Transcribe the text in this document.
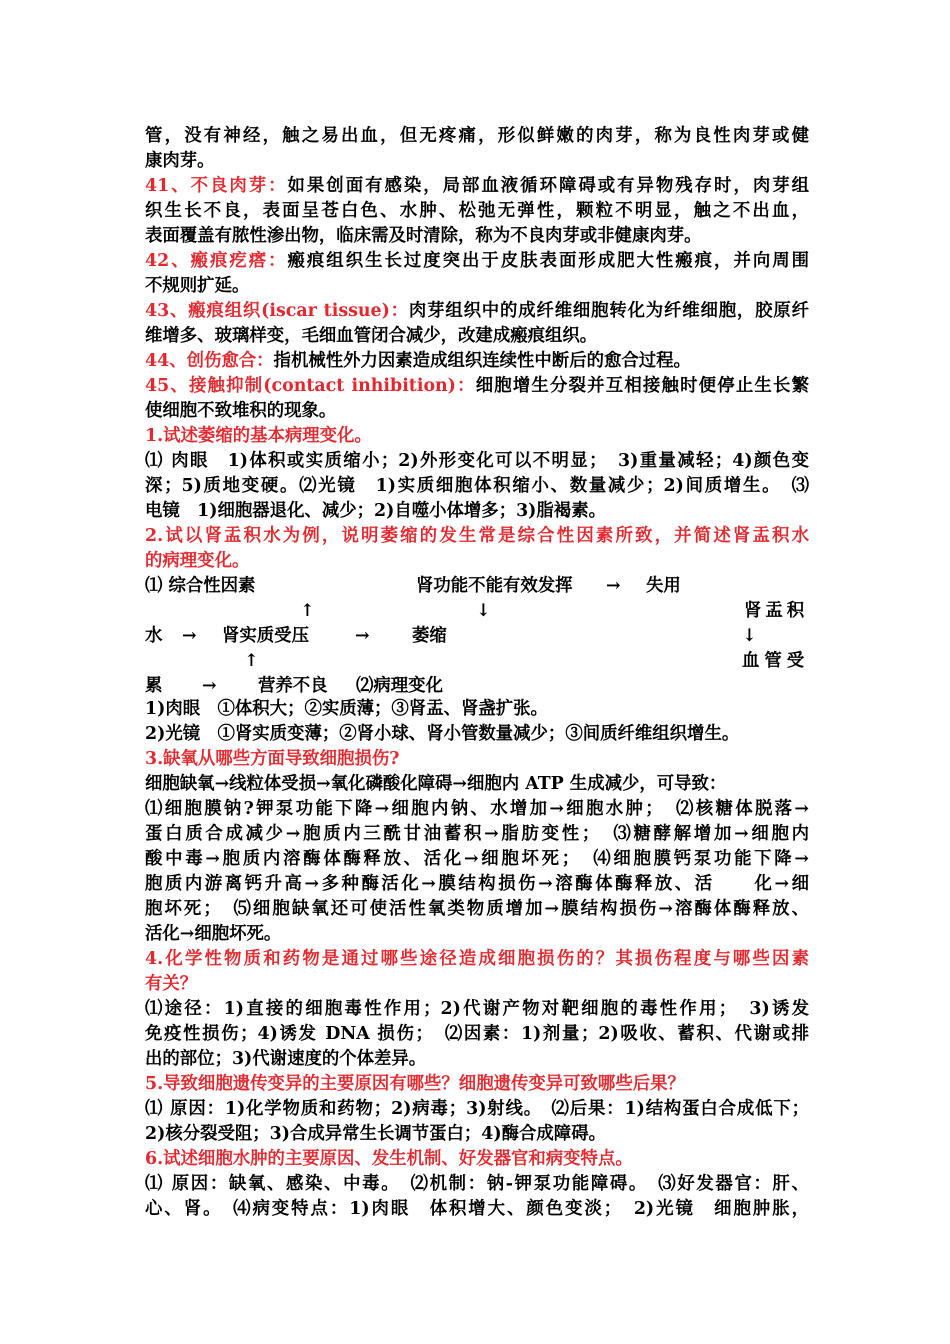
管，没有神经，触之易出血，但无疼痛，形似鲜嫩的肉芽，称为良性肉芽或健
康肉芽。
41、不良肉芽：如果创面有感染，局部血液循环障碍或有异物残存时，肉芽组
织生长不良，表面呈苍白色、水肿、松弛无弹性，颗粒不明显，触之不出血，
表面覆盖有脓性渗出物，临床需及时清除，称为不良肉芽或非健康肉芽。
42、瘢痕疙瘩：瘢痕组织生长过度突出于皮肤表面形成肥大性瘢痕，并向周围
不规则扩延。
43、瘢痕组织(iscar tissue)：肉芽组织中的成纤维细胞转化为纤维细胞，胶原纤
维增多、玻璃样变，毛细血管闭合减少，改建成瘢痕组织。
44、创伤愈合：指机械性外力因素造成组织连续性中断后的愈合过程。
45、接触抑制(contact inhibition)：细胞增生分裂并互相接触时便停止生长繁
使细胞不致堆积的现象。
1.试述萎缩的基本病理变化。
⑴ 肉眼　1)体积或实质缩小；2)外形变化可以不明显；　3)重量减轻；4)颜色变
深；5)质地变硬。⑵光镜　1)实质细胞体积缩小、数量减少；2)间质增生。　⑶
电镜　1)细胞器退化、减少；2)自噬小体增多；3)脂褐素。
2.试以肾盂积水为例，说明萎缩的发生常是综合性因素所致，并简述肾盂积水
的病理变化。
1)肉眼　①体积大；②实质薄；③肾盂、肾盏扩张。
2)光镜　①肾实质变薄；②肾小球、肾小管数量减少；③间质纤维组织增生。
3.缺氧从哪些方面导致细胞损伤?
细胞缺氧→线粒体受损→氧化磷酸化障碍→细胞内 ATP 生成减少，可导致：
⑴细胞膜钠?钾泵功能下降→细胞内钠、水增加→细胞水肿；　⑵核糖体脱落→
蛋白质合成减少→胞质内三酰甘油蓄积→脂肪变性；　⑶糖酵解增加→细胞内
酸中毒→胞质内溶酶体酶释放、活化→细胞坏死；　⑷细胞膜钙泵功能下降→
胞质内游离钙升高→多种酶活化→膜结构损伤→溶酶体酶释放、活　　化→细
胞坏死；　⑸细胞缺氧还可使活性氧类物质增加→膜结构损伤→溶酶体酶释放、
活化→细胞坏死。
4.化学性物质和药物是通过哪些途径造成细胞损伤的？其损伤程度与哪些因素
有关？
⑴途径：1)直接的细胞毒性作用；2)代谢产物对靶细胞的毒性作用；　3)诱发
免疫性损伤；4)诱发 DNA 损伤；　⑵因素：1)剂量；2)吸收、蓄积、代谢或排
出的部位；3)代谢速度的个体差异。
5.导致细胞遗传变异的主要原因有哪些？细胞遗传变异可致哪些后果？
⑴ 原因：1)化学物质和药物；2)病毒；3)射线。　⑵后果：1)结构蛋白合成低下；
2)核分裂受阻；3)合成异常生长调节蛋白；4)酶合成障碍。
6.试述细胞水肿的主要原因、发生机制、好发器官和病变特点。
⑴ 原因：缺氧、感染、中毒。　⑵机制：钠-钾泵功能障碍。　⑶好发器官：肝、
心、肾。　⑷病变特点：1)肉眼　体积增大、颜色变淡；　2)光镜　细胞肿胀，
⑴ 综合性因素	肾功能不能有效发挥 → 失用
↑	↓	肾盂积
水 → 肾实质受压	→ 萎缩	↓
↑	血管受
累 → 营养不良 ⑵病理变化
